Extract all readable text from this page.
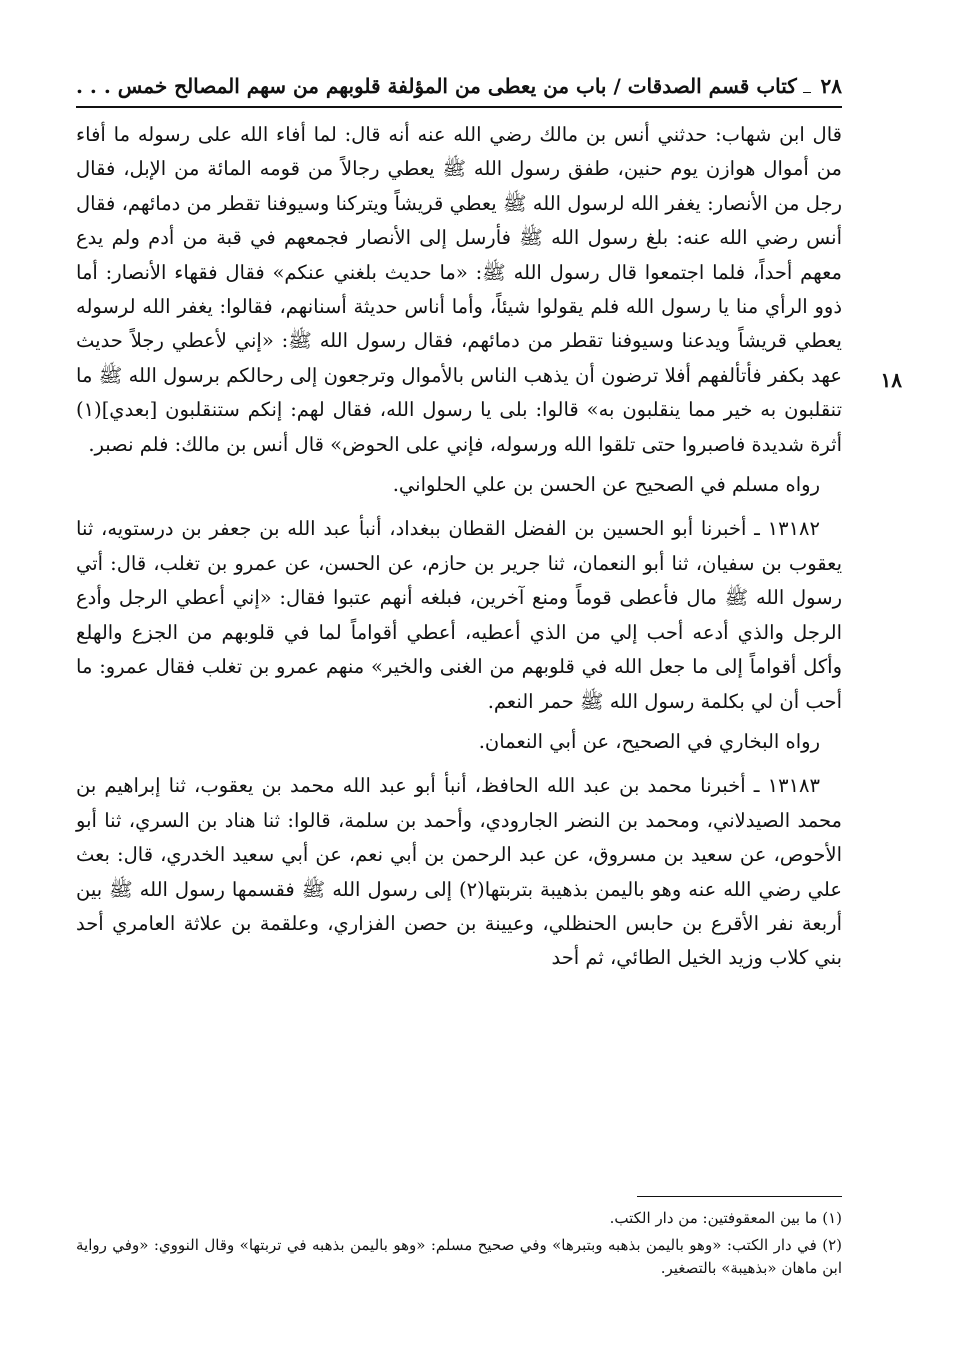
٢٨
كتاب قسم الصدقات / باب من يعطى من المؤلفة قلوبهم من سهم المصالح خمس . . .
١٨

قال ابن شهاب: حدثني أنس بن مالك رضي الله عنه أنه قال: لما أفاء الله على رسوله ما أفاء من أموال هوازن يوم حنين، طفق رسول الله ﷺ يعطي رجالاً من قومه المائة من الإبل، فقال رجل من الأنصار: يغفر الله لرسول الله ﷺ يعطي قريشاً ويتركنا وسيوفنا تقطر من دمائهم، فقال أنس رضي الله عنه: بلغ رسول الله ﷺ فأرسل إلى الأنصار فجمعهم في قبة من أدم ولم يدع معهم أحداً، فلما اجتمعوا قال رسول الله ﷺ: «ما حديث بلغني عنكم» فقال فقهاء الأنصار: أما ذوو الرأي منا يا رسول الله فلم يقولوا شيئاً، وأما أناس حديثة أسنانهم، فقالوا: يغفر الله لرسوله يعطي قريشاً ويدعنا وسيوفنا تقطر من دمائهم، فقال رسول الله ﷺ: «إني لأعطي رجلاً حديث عهد بكفر فأتألفهم أفلا ترضون أن يذهب الناس بالأموال وترجعون إلى رحالكم برسول الله ﷺ ما تنقلبون به خير مما ينقلبون به» قالوا: بلى يا رسول الله، فقال لهم: إنكم ستنقلبون [بعدي](١) أثرة شديدة فاصبروا حتى تلقوا الله ورسوله، فإني على الحوض» قال أنس بن مالك: فلم نصبر.

رواه مسلم في الصحيح عن الحسن بن علي الحلواني.

١٣١٨٢ ـ أخبرنا أبو الحسين بن الفضل القطان ببغداد، أنبأ عبد الله بن جعفر بن درستويه، ثنا يعقوب بن سفيان، ثنا أبو النعمان، ثنا جرير بن حازم، عن الحسن، عن عمرو بن تغلب، قال: أتي رسول الله ﷺ مال فأعطى قوماً ومنع آخرين، فبلغه أنهم عتبوا فقال: «إني أعطي الرجل وأدع الرجل والذي أدعه أحب إلي من الذي أعطيه، أعطي أقواماً لما في قلوبهم من الجزع والهلع وأكل أقواماً إلى ما جعل الله في قلوبهم من الغنى والخير» منهم عمرو بن تغلب فقال عمرو: ما أحب أن لي بكلمة رسول الله ﷺ حمر النعم.

رواه البخاري في الصحيح، عن أبي النعمان.

١٣١٨٣ ـ أخبرنا محمد بن عبد الله الحافظ، أنبأ أبو عبد الله محمد بن يعقوب، ثنا إبراهيم بن محمد الصيدلاني، ومحمد بن النضر الجارودي، وأحمد بن سلمة، قالوا: ثنا هناد بن السري، ثنا أبو الأحوص، عن سعيد بن مسروق، عن عبد الرحمن بن أبي نعم، عن أبي سعيد الخدري، قال: بعث علي رضي الله عنه وهو باليمن بذهيبة بتربتها(٢) إلى رسول الله ﷺ فقسمها رسول الله ﷺ بين أربعة نفر الأقرع بن حابس الحنظلي، وعيينة بن حصن الفزاري، وعلقمة بن علاثة العامري أحد بني كلاب وزيد الخيل الطائي، ثم أحد

(١) ما بين المعقوفتين: من دار الكتب.

(٢) في دار الكتب: «وهو باليمن بذهبه وبتبرها» وفي صحيح مسلم: «وهو باليمن بذهبه في تربتها» وقال النووي: «وفي رواية ابن ماهان «بذهيبة» بالتصغير.
